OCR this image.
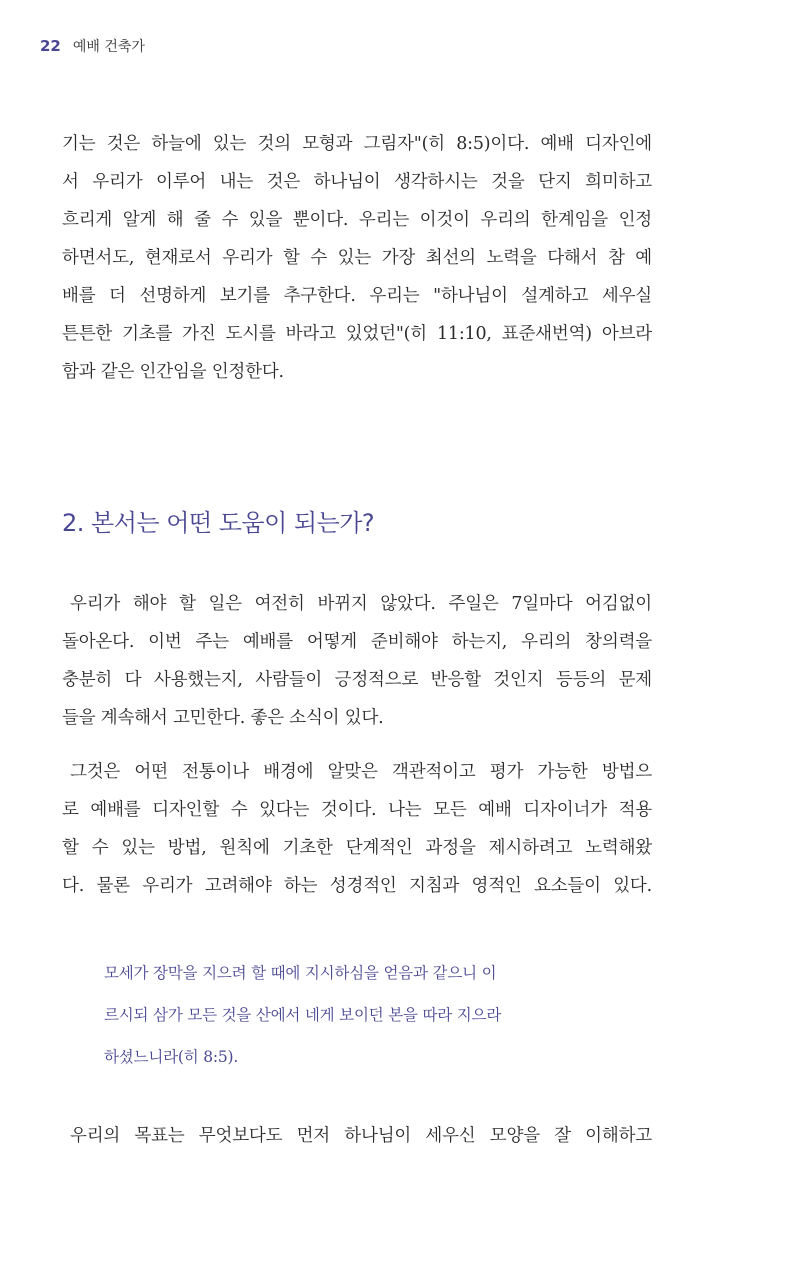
22 예배 건축가
기는 것은 하늘에 있는 것의 모형과 그림자"(히 8:5)이다. 예배 디자인에
서 우리가 이루어 내는 것은 하나님이 생각하시는 것을 단지 희미하고
흐리게 알게 해 줄 수 있을 뿐이다. 우리는 이것이 우리의 한계임을 인정
하면서도, 현재로서 우리가 할 수 있는 가장 최선의 노력을 다해서 참 예
배를 더 선명하게 보기를 추구한다. 우리는 "하나님이 설계하고 세우실
튼튼한 기초를 가진 도시를 바라고 있었던"(히 11:10, 표준새번역) 아브라
함과 같은 인간임을 인정한다.
2. 본서는 어떤 도움이 되는가?
우리가 해야 할 일은 여전히 바뀌지 않았다. 주일은 7일마다 어김없이
돌아온다. 이번 주는 예배를 어떻게 준비해야 하는지, 우리의 창의력을
충분히 다 사용했는지, 사람들이 긍정적으로 반응할 것인지 등등의 문제
들을 계속해서 고민한다. 좋은 소식이 있다.
그것은 어떤 전통이나 배경에 알맞은 객관적이고 평가 가능한 방법으
로 예배를 디자인할 수 있다는 것이다. 나는 모든 예배 디자이너가 적용
할 수 있는 방법, 원칙에 기초한 단계적인 과정을 제시하려고 노력해왔
다. 물론 우리가 고려해야 하는 성경적인 지침과 영적인 요소들이 있다.
모세가 장막을 지으려 할 때에 지시하심을 얻음과 같으니 이
르시되 삼가 모든 것을 산에서 네게 보이던 본을 따라 지으라
하셨느니라(히 8:5).
우리의 목표는 무엇보다도 먼저 하나님이 세우신 모양을 잘 이해하고
